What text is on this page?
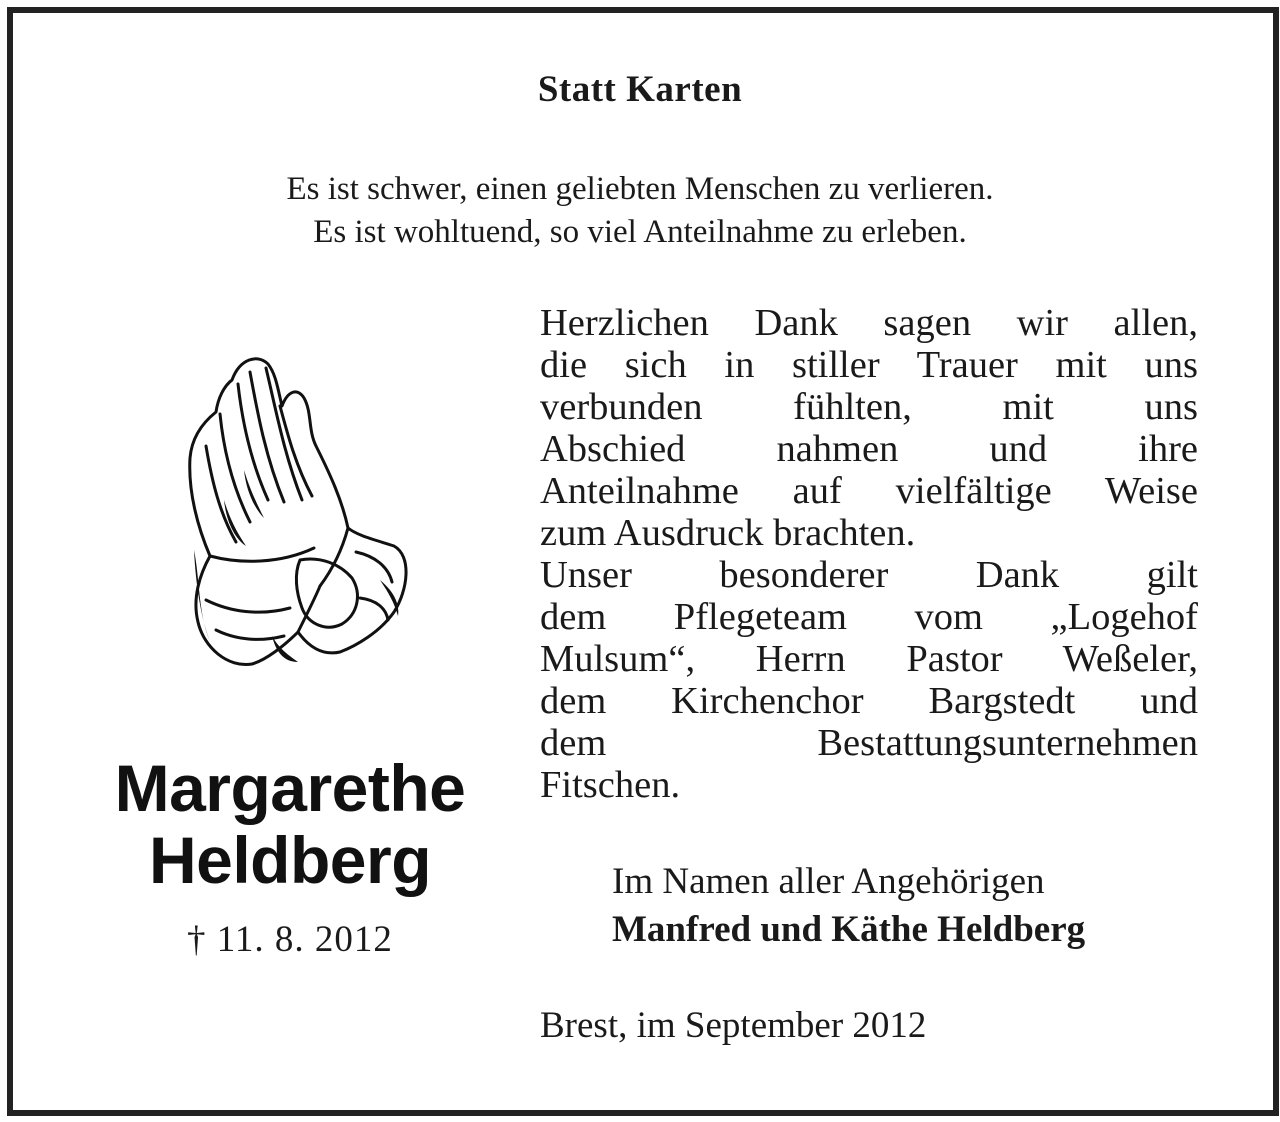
Statt Karten
Es ist schwer, einen geliebten Menschen zu verlieren.
Es ist wohltuend, so viel Anteilnahme zu erleben.
Margarethe
Heldberg
† 11. 8. 2012
Herzlichen Dank sagen wir allen,
die sich in stiller Trauer mit uns
verbunden fühlten, mit uns
Abschied nahmen und ihre
Anteilnahme auf vielfältige Weise
zum Ausdruck brachten.
Unser besonderer Dank gilt
dem Pflegeteam vom „Logehof
Mulsum“, Herrn Pastor Weßeler,
dem Kirchenchor Bargstedt und
dem Bestattungsunternehmen
Fitschen.
Im Namen aller Angehörigen
Manfred und Käthe Heldberg
Brest, im September 2012
